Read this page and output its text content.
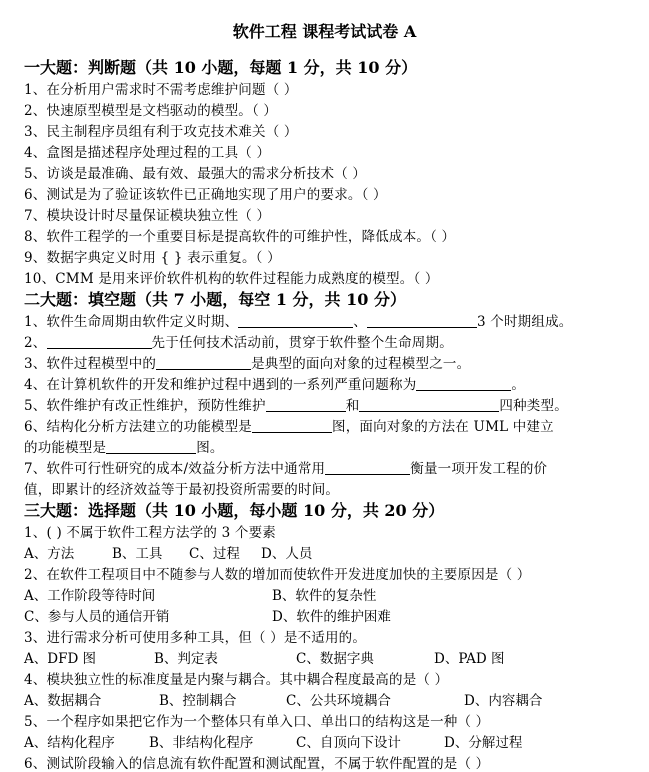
软件工程 课程考试试卷 A
一大题：判断题（共 10 小题，每题 1 分，共 10 分）
1、在分析用户需求时不需考虑维护问题（ ）
2、快速原型模型是文档驱动的模型。（ ）
3、民主制程序员组有利于攻克技术难关（ ）
4、盒图是描述程序处理过程的工具（ ）
5、访谈是最准确、最有效、最强大的需求分析技术（ ）
6、测试是为了验证该软件已正确地实现了用户的要求。（ ）
7、模块设计时尽量保证模块独立性（ ）
8、软件工程学的一个重要目标是提高软件的可维护性，降低成本。（ ）
9、数据字典定义时用 { } 表示重复。（ ）
10、CMM 是用来评价软件机构的软件过程能力成熟度的模型。（ ）
二大题：填空题（共 7 小题，每空 1 分，共 10 分）
1、软件生命周期由软件定义时期、	、	3 个时期组成。
2、	先于任何技术活动前，贯穿于软件整个生命周期。
3、软件过程模型中的	是典型的面向对象的过程模型之一。
4、在计算机软件的开发和维护过程中遇到的一系列严重问题称为	。
5、软件维护有改正性维护，预防性维护	和	四种类型。
6、结构化分析方法建立的功能模型是	图，面向对象的方法在 UML 中建立
的功能模型是	图。
7、软件可行性研究的成本/效益分析方法中通常用	衡量一项开发工程的价
值，即累计的经济效益等于最初投资所需要的时间。
三大题：选择题（共 10 小题，每小题 10 分，共 20 分）
1、( ) 不属于软件工程方法学的 3 个要素
A、方法	B、工具 C、过程 D、人员
2、在软件工程项目中不随参与人数的增加而使软件开发进度加快的主要原因是（ ）
A、工作阶段等待时间	B、软件的复杂性
C、参与人员的通信开销	D、软件的维护困难
3、进行需求分析可使用多种工具，但（ ）是不适用的。
A、DFD 图	B、判定表	C、数据字典	D、PAD 图
4、模块独立性的标准度量是内聚与耦合。其中耦合程度最高的是（ ）
A、数据耦合	B、控制耦合	C、公共环境耦合	D、内容耦合
5、一个程序如果把它作为一个整体只有单入口、单出口的结构这是一种（ ）
A、结构化程序	B、非结构化程序	C、自顶向下设计	D、分解过程
6、测试阶段输入的信息流有软件配置和测试配置，不属于软件配置的是（ ）
